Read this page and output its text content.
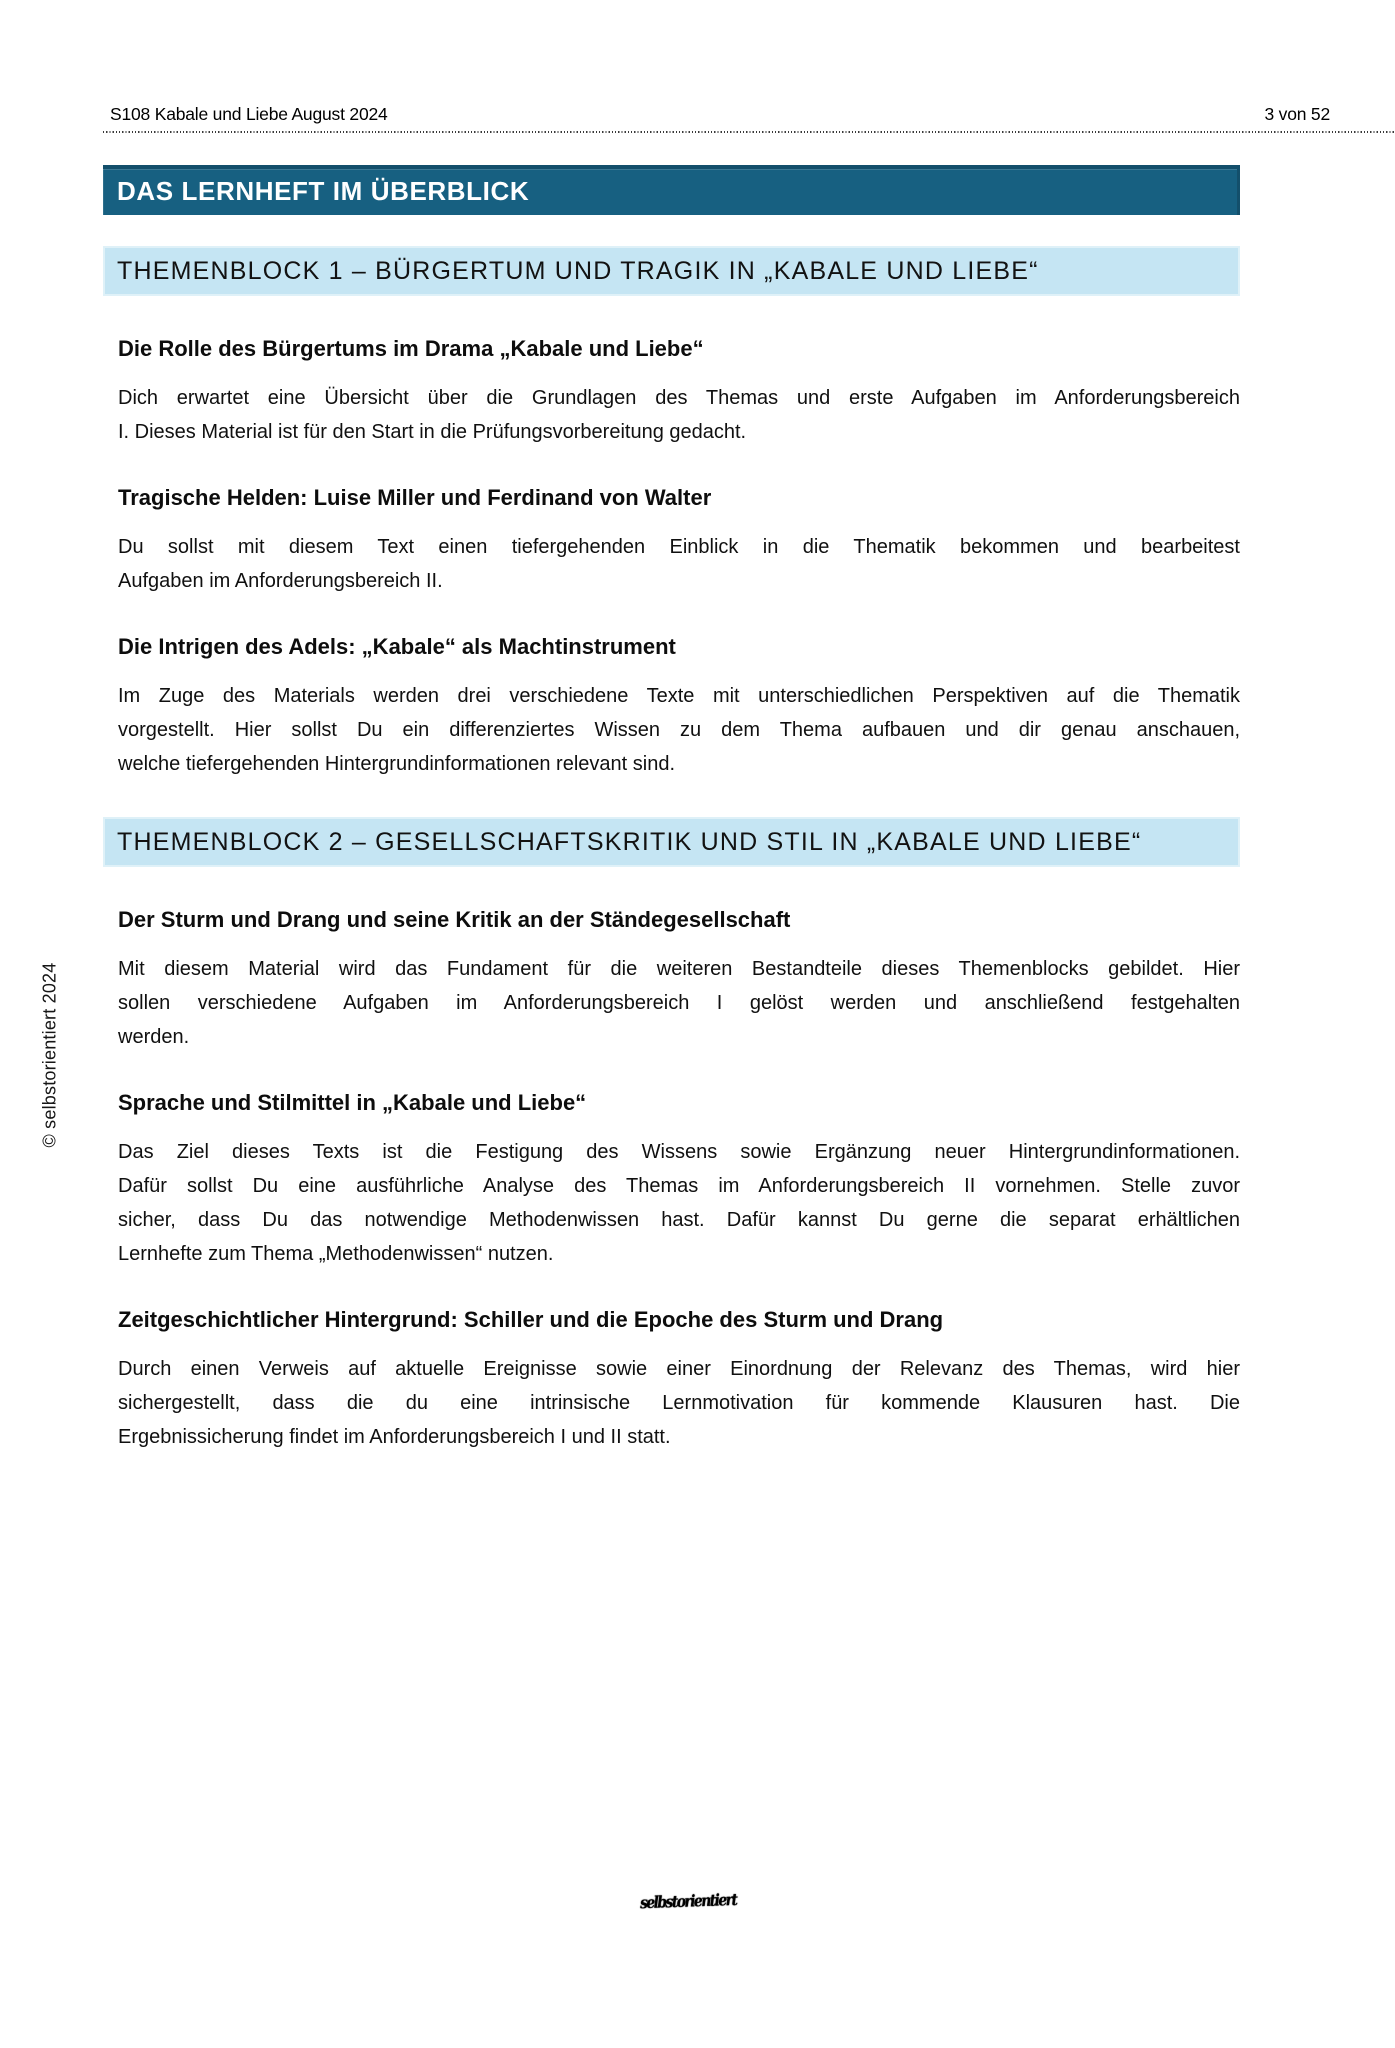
S108 Kabale und Liebe August 2024	3 von 52
DAS LERNHEFT IM ÜBERBLICK
THEMENBLOCK 1 – BÜRGERTUM UND TRAGIK IN „KABALE UND LIEBE“
Die Rolle des Bürgertums im Drama „Kabale und Liebe“
Dich erwartet eine Übersicht über die Grundlagen des Themas und erste Aufgaben im Anforderungsbereich
I. Dieses Material ist für den Start in die Prüfungsvorbereitung gedacht.
Tragische Helden: Luise Miller und Ferdinand von Walter
Du sollst mit diesem Text einen tiefergehenden Einblick in die Thematik bekommen und bearbeitest
Aufgaben im Anforderungsbereich II.
Die Intrigen des Adels: „Kabale“ als Machtinstrument
Im Zuge des Materials werden drei verschiedene Texte mit unterschiedlichen Perspektiven auf die Thematik
vorgestellt. Hier sollst Du ein differenziertes Wissen zu dem Thema aufbauen und dir genau anschauen,
welche tiefergehenden Hintergrundinformationen relevant sind.
THEMENBLOCK 2 – GESELLSCHAFTSKRITIK UND STIL IN „KABALE UND LIEBE“
Der Sturm und Drang und seine Kritik an der Ständegesellschaft
Mit diesem Material wird das Fundament für die weiteren Bestandteile dieses Themenblocks gebildet. Hier
sollen verschiedene Aufgaben im Anforderungsbereich I gelöst werden und anschließend festgehalten
werden.
Sprache und Stilmittel in „Kabale und Liebe“
Das Ziel dieses Texts ist die Festigung des Wissens sowie Ergänzung neuer Hintergrundinformationen.
Dafür sollst Du eine ausführliche Analyse des Themas im Anforderungsbereich II vornehmen. Stelle zuvor
sicher, dass Du das notwendige Methodenwissen hast. Dafür kannst Du gerne die separat erhältlichen
Lernhefte zum Thema „Methodenwissen“ nutzen.
Zeitgeschichtlicher Hintergrund: Schiller und die Epoche des Sturm und Drang
Durch einen Verweis auf aktuelle Ereignisse sowie einer Einordnung der Relevanz des Themas, wird hier
sichergestellt, dass die du eine intrinsische Lernmotivation für kommende Klausuren hast. Die
Ergebnissicherung findet im Anforderungsbereich I und II statt.
© selbstorientiert 2024
selbstorientiert
